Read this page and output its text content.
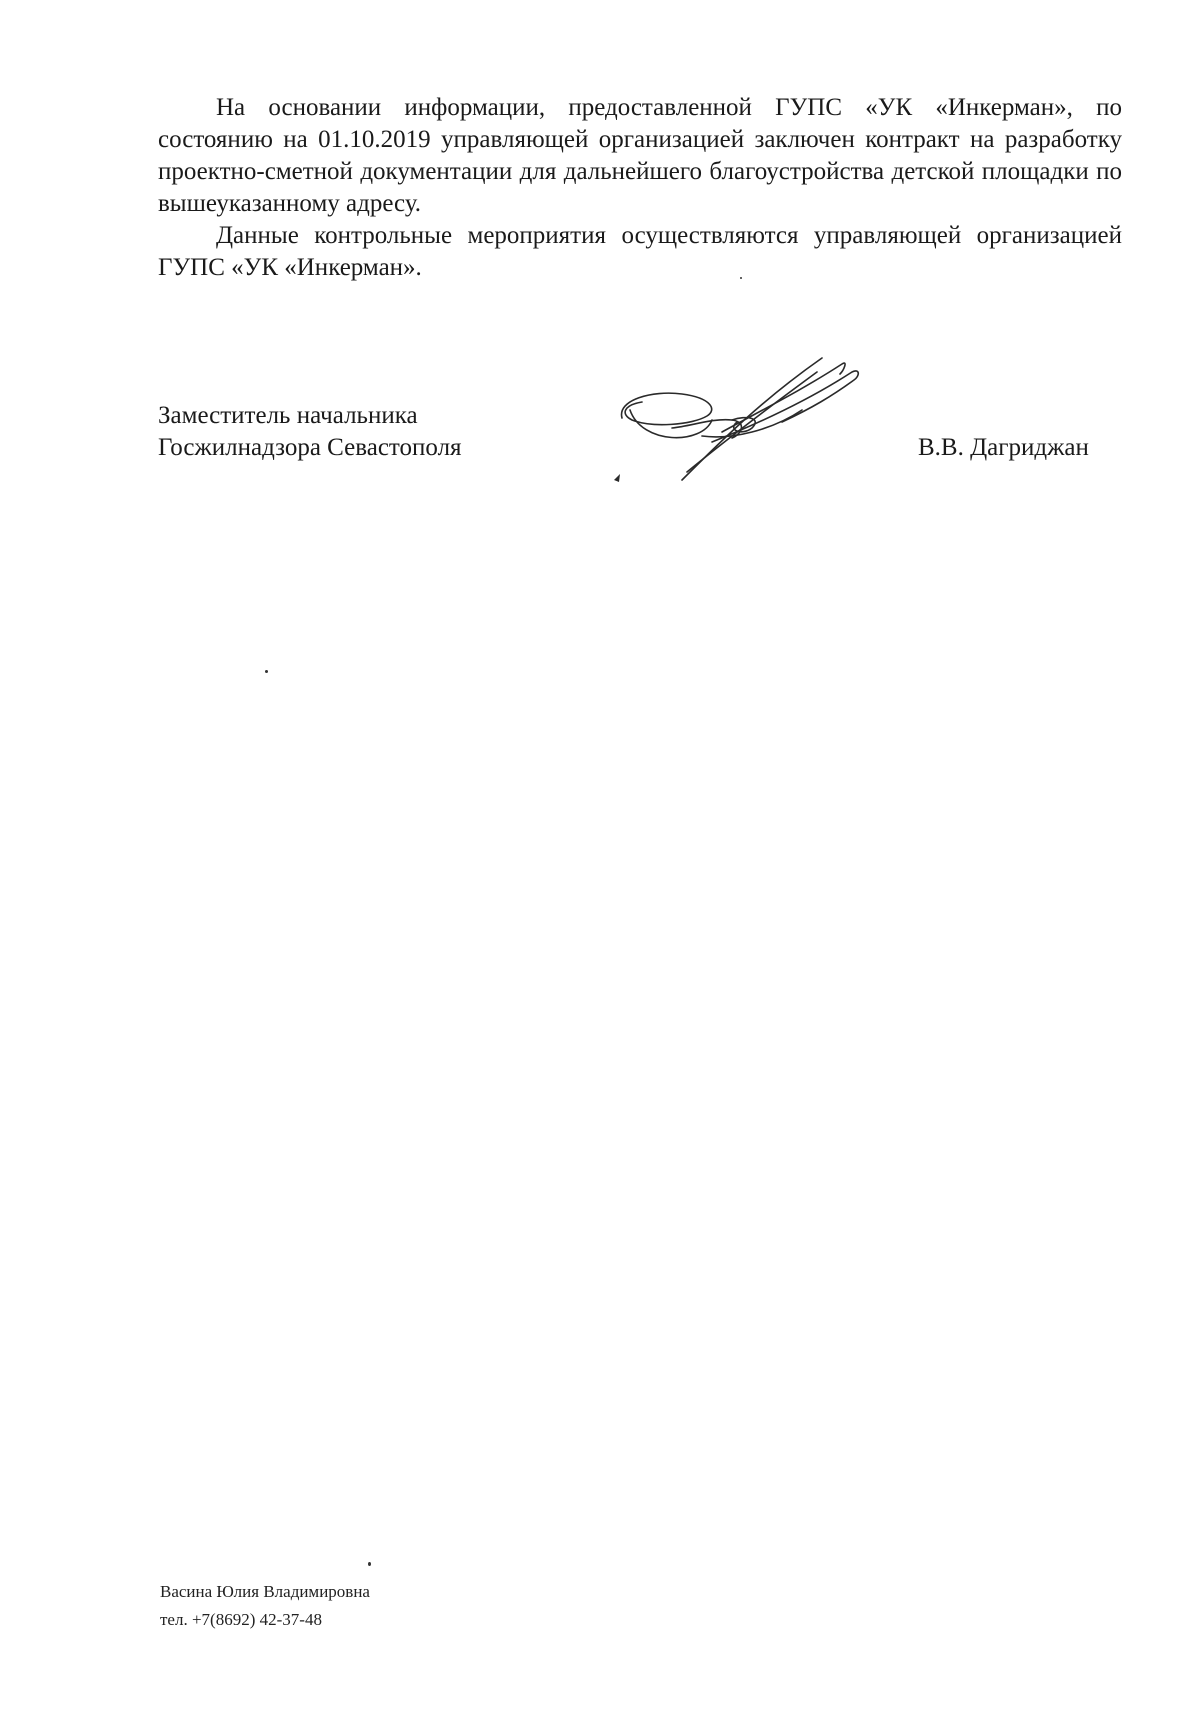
На основании информации, предоставленной ГУПС «УК «Инкерман», по состоянию на 01.10.2019 управляющей организацией заключен контракт на разработку проектно-сметной документации для дальнейшего благоустройства детской площадки по вышеуказанному адресу.

Данные контрольные мероприятия осуществляются управляющей организацией ГУПС «УК «Инкерман».

Заместитель начальника
Госжилнадзора Севастополя	В.В. Дагриджан
Васина Юлия Владимировна
тел. +7(8692) 42-37-48
